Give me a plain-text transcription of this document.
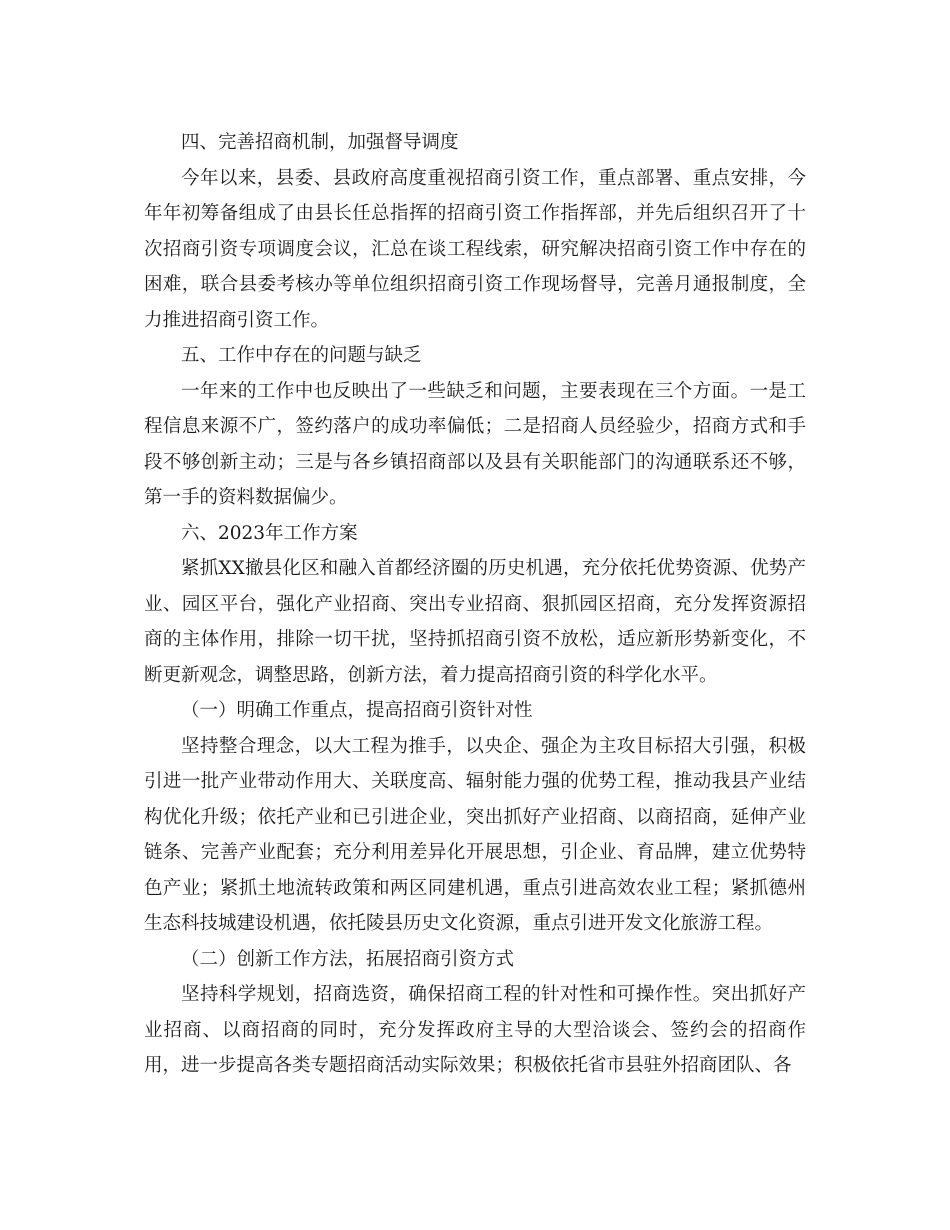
四、完善招商机制，加强督导调度

今年以来，县委、县政府高度重视招商引资工作，重点部署、重点安排，今年年初筹备组成了由县长任总指挥的招商引资工作指挥部，并先后组织召开了十次招商引资专项调度会议，汇总在谈工程线索，研究解决招商引资工作中存在的困难，联合县委考核办等单位组织招商引资工作现场督导，完善月通报制度，全力推进招商引资工作。

五、工作中存在的问题与缺乏

一年来的工作中也反映出了一些缺乏和问题，主要表现在三个方面。一是工程信息来源不广，签约落户的成功率偏低；二是招商人员经验少，招商方式和手段不够创新主动；三是与各乡镇招商部以及县有关职能部门的沟通联系还不够，第一手的资料数据偏少。

六、2023年工作方案

紧抓XX撤县化区和融入首都经济圈的历史机遇，充分依托优势资源、优势产业、园区平台，强化产业招商、突出专业招商、狠抓园区招商，充分发挥资源招商的主体作用，排除一切干扰，坚持抓招商引资不放松，适应新形势新变化，不断更新观念，调整思路，创新方法，着力提高招商引资的科学化水平。

（一）明确工作重点，提高招商引资针对性

坚持整合理念，以大工程为推手，以央企、强企为主攻目标招大引强，积极引进一批产业带动作用大、关联度高、辐射能力强的优势工程，推动我县产业结构优化升级；依托产业和已引进企业，突出抓好产业招商、以商招商，延伸产业链条、完善产业配套；充分利用差异化开展思想，引企业、育品牌，建立优势特色产业；紧抓土地流转政策和两区同建机遇，重点引进高效农业工程；紧抓德州生态科技城建设机遇，依托陵县历史文化资源，重点引进开发文化旅游工程。

（二）创新工作方法，拓展招商引资方式

坚持科学规划，招商选资，确保招商工程的针对性和可操作性。突出抓好产业招商、以商招商的同时，充分发挥政府主导的大型洽谈会、签约会的招商作用，进一步提高各类专题招商活动实际效果；积极依托省市县驻外招商团队、各
